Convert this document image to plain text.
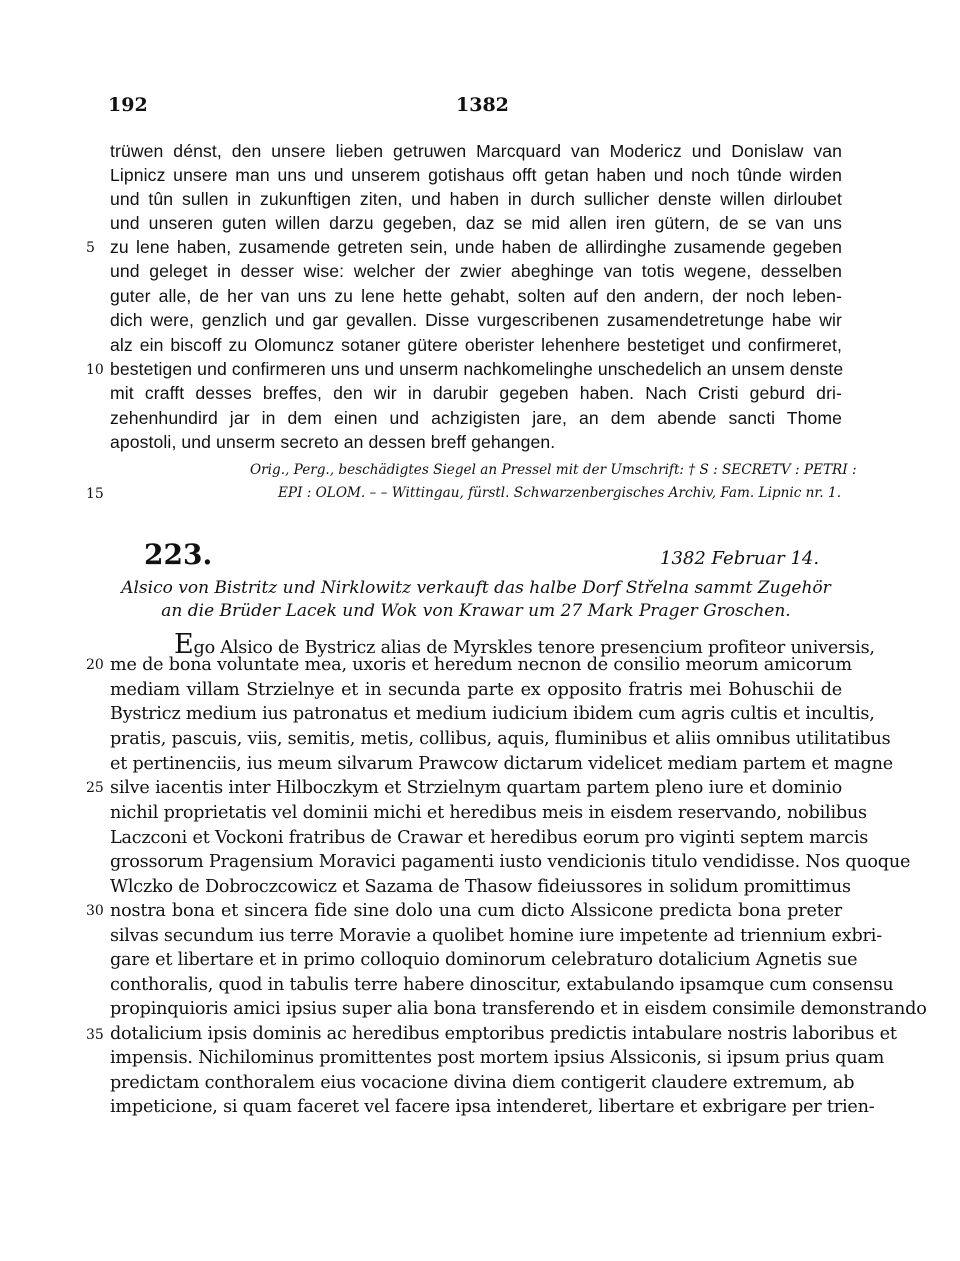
192	1382
trüwen dénst, den unsere lieben getruwen Marcquard van Modericz und Donislaw van
Lipnicz unsere man uns und unserem gotishaus offt getan haben und noch tûnde wirden
und tûn sullen in zukunftigen ziten, und haben in durch sullicher denste willen dirloubet
und unseren guten willen darzu gegeben, daz se mid allen iren gütern, de se van uns
zu lene haben, zusamende getreten sein, unde haben de allirdinghe zusamende gegeben
und geleget in desser wise: welcher der zwier abeghinge van totis wegene, desselben
guter alle, de her van uns zu lene hette gehabt, solten auf den andern, der noch leben-
dich were, genzlich und gar gevallen. Disse vurgescribenen zusamendetretunge habe wir
alz ein biscoff zu Olomuncz sotaner gütere oberister lehenhere bestetiget und confirmeret,
bestetigen und confirmeren uns und unserm nachkomelinghe unschedelich an unsem denste
mit crafft desses breffes, den wir in darubir gegeben haben. Nach Cristi geburd dri-
zehenhundird jar in dem einen und achzigisten jare, an dem abende sancti Thome
apostoli, und unserm secreto an dessen breff gehangen.
5
10
15
20
25
30
35
Orig., Perg., beschädigtes Siegel an Pressel mit der Umschrift: † S : SECRETV : PETRI :
EPI : OLOM. – – Wittingau, fürstl. Schwarzenbergisches Archiv, Fam. Lipnic nr. 1.
223.	1382 Februar 14.
Alsico von Bistritz und Nirklowitz verkauft das halbe Dorf Střelna sammt Zugehör
an die Brüder Lacek und Wok von Krawar um 27 Mark Prager Groschen.
Ego Alsico de Bystricz alias de Myrskles tenore presencium profiteor universis,
me de bona voluntate mea, uxoris et heredum necnon de consilio meorum amicorum
mediam villam Strzielnye et in secunda parte ex opposito fratris mei Bohuschii de
Bystricz medium ius patronatus et medium iudicium ibidem cum agris cultis et incultis,
pratis, pascuis, viis, semitis, metis, collibus, aquis, fluminibus et aliis omnibus utilitatibus
et pertinenciis, ius meum silvarum Prawcow dictarum videlicet mediam partem et magne
silve iacentis inter Hilboczkym et Strzielnym quartam partem pleno iure et dominio
nichil proprietatis vel dominii michi et heredibus meis in eisdem reservando, nobilibus
Laczconi et Vockoni fratribus de Crawar et heredibus eorum pro viginti septem marcis
grossorum Pragensium Moravici pagamenti iusto vendicionis titulo vendidisse. Nos quoque
Wlczko de Dobroczcowicz et Sazama de Thasow fideiussores in solidum promittimus
nostra bona et sincera fide sine dolo una cum dicto Alssicone predicta bona preter
silvas secundum ius terre Moravie a quolibet homine iure impetente ad triennium exbri-
gare et libertare et in primo colloquio dominorum celebraturo dotalicium Agnetis sue
conthoralis, quod in tabulis terre habere dinoscitur, extabulando ipsamque cum consensu
propinquioris amici ipsius super alia bona transferendo et in eisdem consimile demonstrando
dotalicium ipsis dominis ac heredibus emptoribus predictis intabulare nostris laboribus et
impensis. Nichilominus promittentes post mortem ipsius Alssiconis, si ipsum prius quam
predictam conthoralem eius vocacione divina diem contigerit claudere extremum, ab
impeticione, si quam faceret vel facere ipsa intenderet, libertare et exbrigare per trien-
